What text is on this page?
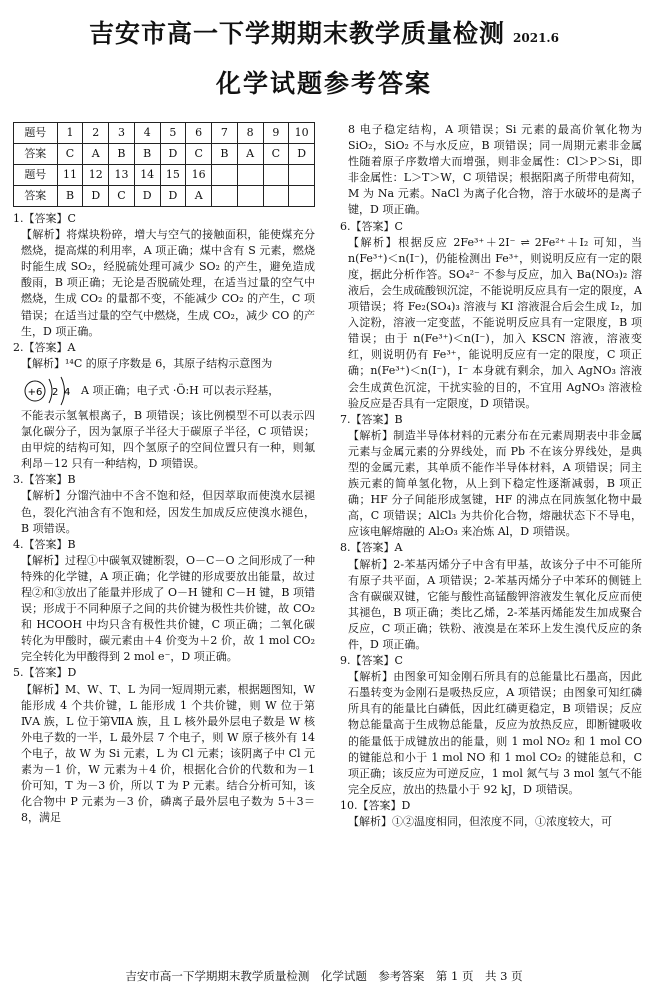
吉安市高一下学期期末教学质量检测 2021.6
化学试题参考答案
题号	1	2	3	4	5	6	7	8	9	10
答案	C	A	B	B	D	C	B	A	C	D
题号	11	12	13	14	15	16				
答案	B	D	C	D	D	A				

1.【答案】C

【解析】将煤块粉碎，增大与空气的接触面积，能使煤充分燃烧，提高煤的利用率，A 项正确；煤中含有 S 元素，燃烧时能生成 SO₂，经脱硫处理可减少 SO₂ 的产生，避免造成酸雨，B 项正确；无论是否脱硫处理，在适当过量的空气中燃烧，生成 CO₂ 的量都不变，不能减少 CO₂ 的产生，C 项错误；在适当过量的空气中燃烧，生成 CO₂，减少 CO 的产生，D 项正确。

2.【答案】A

【解析】¹⁴C 的原子序数是 6，其原子结构示意图为

+6 2 4 A 项正确；电子式 ·Ö:H 可以表示羟基，

不能表示氢氧根离子，B 项错误；该比例模型不可以表示四氯化碳分子，因为氯原子半径大于碳原子半径，C 项错误；由甲烷的结构可知，四个氢原子的空间位置只有一种，则氟利昂－12 只有一种结构，D 项错误。

3.【答案】B

【解析】分馏汽油中不含不饱和烃，但因萃取而使溴水层褪色，裂化汽油含有不饱和烃，因发生加成反应使溴水褪色，B 项错误。

4.【答案】B

【解析】过程①中碳氧双键断裂，O－C－O 之间形成了一种特殊的化学键，A 项正确；化学键的形成要放出能量，故过程②和③放出了能量并形成了 O－H 键和 C－H 键，B 项错误；形成于不同种原子之间的共价键为极性共价键，故 CO₂ 和 HCOOH 中均只含有极性共价键，C 项正确；二氧化碳转化为甲酸时，碳元素由＋4 价变为＋2 价，故 1 mol CO₂ 完全转化为甲酸得到 2 mol e⁻，D 项正确。

5.【答案】D

【解析】M、W、T、L 为同一短周期元素，根据题图知，W 能形成 4 个共价键，L 能形成 1 个共价键，则 W 位于第ⅣA 族，L 位于第ⅦA 族，且 L 核外最外层电子数是 W 核外电子数的一半，L 最外层 7 个电子，则 W 原子核外有 14 个电子，故 W 为 Si 元素，L 为 Cl 元素；该阴离子中 Cl 元素为－1 价，W 元素为＋4 价，根据化合价的代数和为－1 价可知，T 为－3 价，所以 T 为 P 元素。结合分析可知，该化合物中 P 元素为－3 价，磷离子最外层电子数为 5＋3＝8，满足

8 电子稳定结构，A 项错误；Si 元素的最高价氧化物为 SiO₂，SiO₂ 不与水反应，B 项错误；同一周期元素非金属性随着原子序数增大而增强，则非金属性：Cl＞P＞Si，即非金属性：L＞T＞W，C 项错误；根据阳离子所带电荷知，M 为 Na 元素。NaCl 为离子化合物，溶于水破坏的是离子键，D 项正确。

6.【答案】C

【解析】根据反应 2Fe³⁺＋2I⁻ ⇌ 2Fe²⁺＋I₂ 可知，当 n(Fe³⁺)＜n(I⁻)，仍能检测出 Fe³⁺，则说明反应有一定的限度，据此分析作答。SO₄²⁻ 不参与反应，加入 Ba(NO₃)₂ 溶液后，会生成硫酸钡沉淀，不能说明反应具有一定的限度，A 项错误；将 Fe₂(SO₄)₃ 溶液与 KI 溶液混合后会生成 I₂，加入淀粉，溶液一定变蓝，不能说明反应具有一定限度，B 项错误；由于 n(Fe³⁺)＜n(I⁻)，加入 KSCN 溶液，溶液变红，则说明仍有 Fe³⁺，能说明反应有一定的限度，C 项正确；n(Fe³⁺)＜n(I⁻)，I⁻ 本身就有剩余，加入 AgNO₃ 溶液会生成黄色沉淀，干扰实验的目的，不宜用 AgNO₃ 溶液检验反应是否具有一定限度，D 项错误。

7.【答案】B

【解析】制造半导体材料的元素分布在元素周期表中非金属元素与金属元素的分界线处，而 Pb 不在该分界线处，是典型的金属元素，其单质不能作半导体材料，A 项错误；同主族元素的简单氢化物，从上到下稳定性逐渐减弱，B 项正确；HF 分子间能形成氢键，HF 的沸点在同族氢化物中最高，C 项错误；AlCl₃ 为共价化合物，熔融状态下不导电，应该电解熔融的 Al₂O₃ 来冶炼 Al，D 项错误。

8.【答案】A

【解析】2-苯基丙烯分子中含有甲基，故该分子中不可能所有原子共平面，A 项错误；2-苯基丙烯分子中苯环的侧链上含有碳碳双键，它能与酸性高锰酸钾溶液发生氧化反应而使其褪色，B 项正确；类比乙烯，2-苯基丙烯能发生加成聚合反应，C 项正确；铁粉、液溴是在苯环上发生溴代反应的条件，D 项正确。

9.【答案】C

【解析】由图象可知金刚石所具有的总能量比石墨高，因此石墨转变为金刚石是吸热反应，A 项错误；由图象可知红磷所具有的能量比白磷低，因此红磷更稳定，B 项错误；反应物总能量高于生成物总能量，反应为放热反应，即断键吸收的能量低于成键放出的能量，则 1 mol NO₂ 和 1 mol CO 的键能总和小于 1 mol NO 和 1 mol CO₂ 的键能总和，C 项正确；该反应为可逆反应，1 mol 氮气与 3 mol 氢气不能完全反应，放出的热量小于 92 kJ，D 项错误。

10.【答案】D

【解析】①②温度相同，但浓度不同，①浓度较大，可

吉安市高一下学期期末教学质量检测　化学试题　参考答案　第 1 页　共 3 页
